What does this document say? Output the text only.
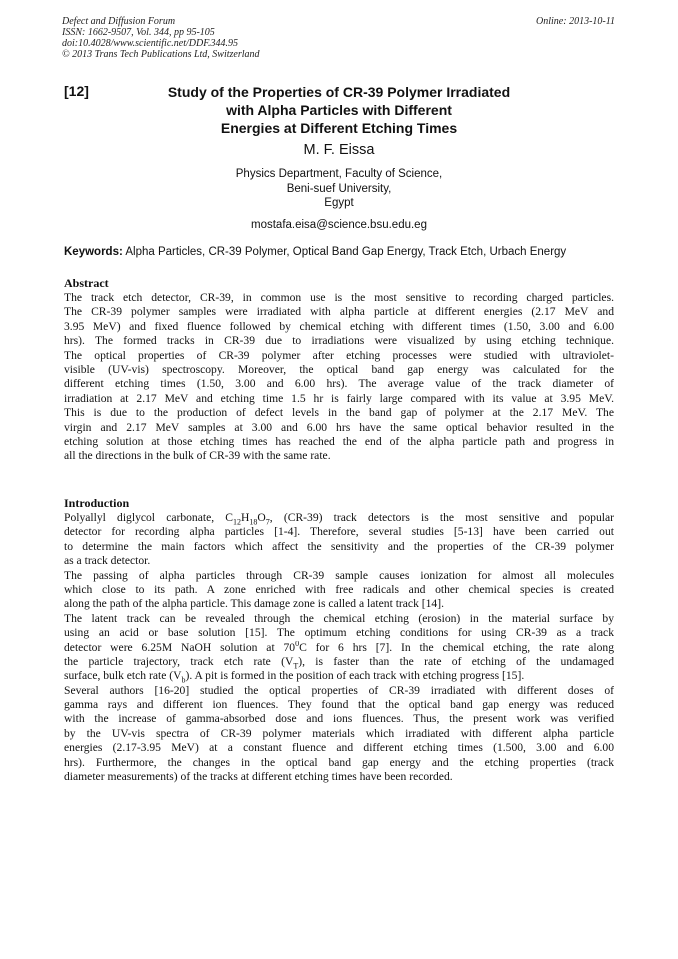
Defect and Diffusion Forum
ISSN: 1662-9507, Vol. 344, pp 95-105
doi:10.4028/www.scientific.net/DDF.344.95
© 2013 Trans Tech Publications Ltd, Switzerland
Online: 2013-10-11
[12]	Study of the Properties of CR-39 Polymer Irradiated
with Alpha Particles with Different
Energies at Different Etching Times
M. F. Eissa
Physics Department, Faculty of Science,
Beni-suef University,
Egypt
mostafa.eisa@science.bsu.edu.eg
Keywords: Alpha Particles, CR-39 Polymer, Optical Band Gap Energy, Track Etch, Urbach Energy
Abstract
The track etch detector, CR-39, in common use is the most sensitive to recording charged particles.
The CR-39 polymer samples were irradiated with alpha particle at different energies (2.17 MeV and
3.95 MeV) and fixed fluence followed by chemical etching with different times (1.50, 3.00 and 6.00
hrs). The formed tracks in CR-39 due to irradiations were visualized by using etching technique.
The optical properties of CR-39 polymer after etching processes were studied with ultraviolet-
visible (UV-vis) spectroscopy. Moreover, the optical band gap energy was calculated for the
different etching times (1.50, 3.00 and 6.00 hrs). The average value of the track diameter of
irradiation at 2.17 MeV and etching time 1.5 hr is fairly large compared with its value at 3.95 MeV.
This is due to the production of defect levels in the band gap of polymer at the 2.17 MeV. The
virgin and 2.17 MeV samples at 3.00 and 6.00 hrs have the same optical behavior resulted in the
etching solution at those etching times has reached the end of the alpha particle path and progress in
all the directions in the bulk of CR-39 with the same rate.
Introduction
Polyallyl diglycol carbonate, $C_{12}H_{18}O_7$, (CR-39) track detectors is the most sensitive and popular
detector for recording alpha particles [1-4]. Therefore, several studies [5-13] have been carried out
to determine the main factors which affect the sensitivity and the properties of the CR-39 polymer
as a track detector.
The passing of alpha particles through CR-39 sample causes ionization for almost all molecules
which close to its path. A zone enriched with free radicals and other chemical species is created
along the path of the alpha particle. This damage zone is called a latent track [14].
The latent track can be revealed through the chemical etching (erosion) in the material surface by
using an acid or base solution [15]. The optimum etching conditions for using CR-39 as a track
detector were 6.25M NaOH solution at $70^0C$ for 6 hrs [7]. In the chemical etching, the rate along
the particle trajectory, track etch rate $(V_T)$, is faster than the rate of etching of the undamaged
surface, bulk etch rate $(V_b)$. A pit is formed in the position of each track with etching progress [15].
Several authors [16-20] studied the optical properties of CR-39 irradiated with different doses of
gamma rays and different ion fluences. They found that the optical band gap energy was reduced
with the increase of gamma-absorbed dose and ions fluences. Thus, the present work was verified
by the UV-vis spectra of CR-39 polymer materials which irradiated with different alpha particle
energies (2.17-3.95 MeV) at a constant fluence and different etching times (1.500, 3.00 and 6.00
hrs). Furthermore, the changes in the optical band gap energy and the etching properties (track
diameter measurements) of the tracks at different etching times have been recorded.
